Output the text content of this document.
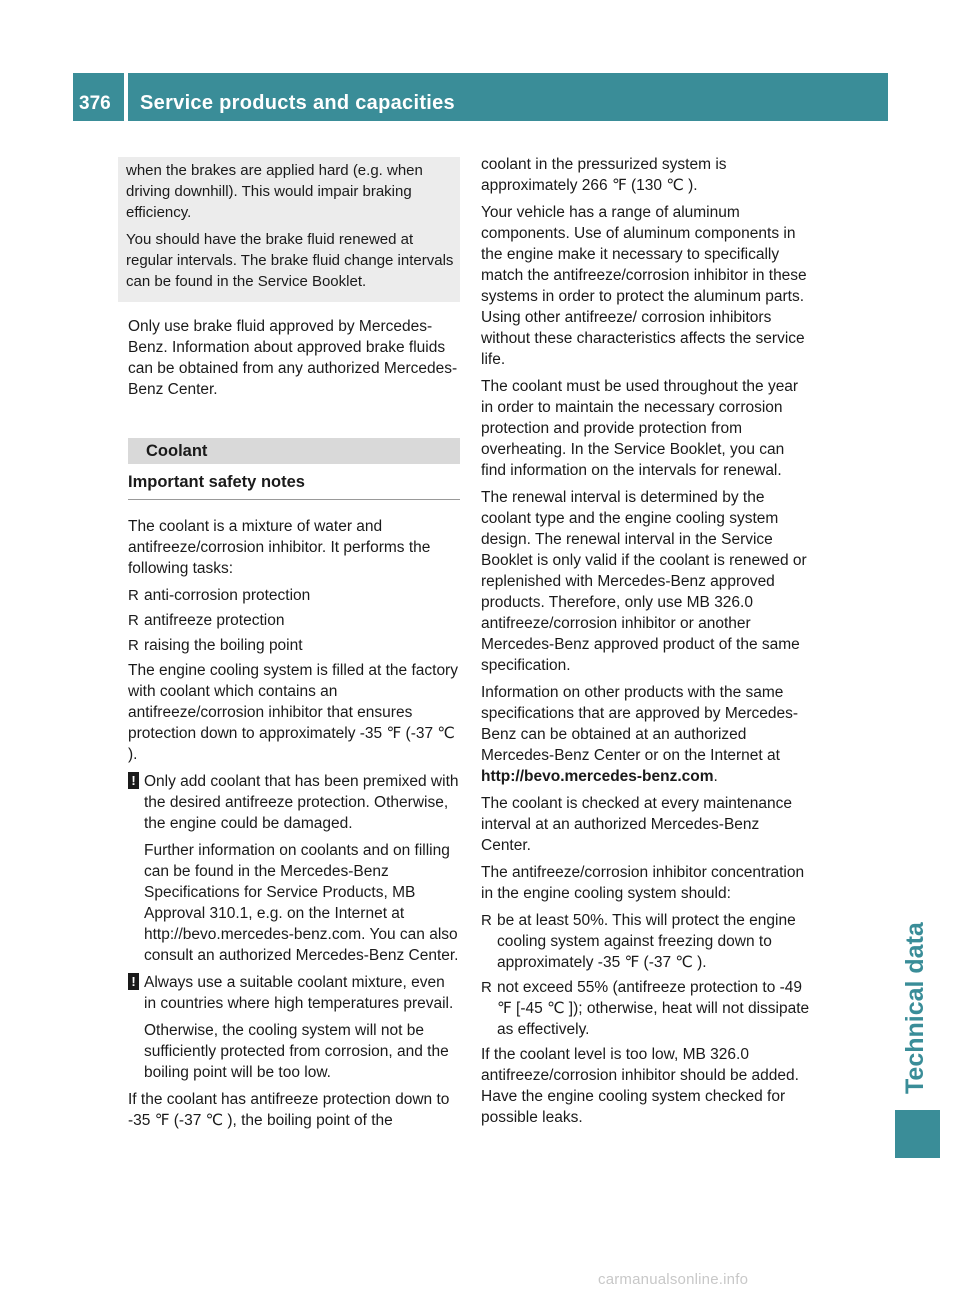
376 Service products and capacities
Technical data

when the brakes are applied hard (e.g. when driving downhill). This would impair braking efficiency.

You should have the brake fluid renewed at regular intervals. The brake fluid change intervals can be found in the Service Booklet.

Only use brake fluid approved by Mercedes-Benz. Information about approved brake fluids can be obtained from any authorized Mercedes-Benz Center.

Coolant
Important safety notes

The coolant is a mixture of water and antifreeze/corrosion inhibitor. It performs the following tasks:

R anti-corrosion protection
R antifreeze protection
R raising the boiling point

The engine cooling system is filled at the factory with coolant which contains an antifreeze/corrosion inhibitor that ensures protection down to approximately -35 ℉ (-37 ℃ ).

! Only add coolant that has been premixed with the desired antifreeze protection. Otherwise, the engine could be damaged.

Further information on coolants and on filling can be found in the Mercedes-Benz Specifications for Service Products, MB Approval 310.1, e.g. on the Internet at http://bevo.mercedes-benz.com. You can also consult an authorized Mercedes-Benz Center.

! Always use a suitable coolant mixture, even in countries where high temperatures prevail.

Otherwise, the cooling system will not be sufficiently protected from corrosion, and the boiling point will be too low.

If the coolant has antifreeze protection down to -35 ℉ (-37 ℃ ), the boiling point of the

coolant in the pressurized system is approximately 266 ℉ (130 ℃ ).

Your vehicle has a range of aluminum components. Use of aluminum components in the engine make it necessary to specifically match the antifreeze/corrosion inhibitor in these systems in order to protect the aluminum parts. Using other antifreeze/ corrosion inhibitors without these characteristics affects the service life.

The coolant must be used throughout the year in order to maintain the necessary corrosion protection and provide protection from overheating. In the Service Booklet, you can find information on the intervals for renewal.

The renewal interval is determined by the coolant type and the engine cooling system design. The renewal interval in the Service Booklet is only valid if the coolant is renewed or replenished with Mercedes-Benz approved products. Therefore, only use MB 326.0 antifreeze/corrosion inhibitor or another Mercedes-Benz approved product of the same specification.

Information on other products with the same specifications that are approved by Mercedes-Benz can be obtained at an authorized Mercedes-Benz Center or on the Internet at
http://bevo.mercedes-benz.com.

The coolant is checked at every maintenance interval at an authorized Mercedes-Benz Center.

The antifreeze/corrosion inhibitor concentration in the engine cooling system should:

R be at least 50%. This will protect the engine cooling system against freezing down to approximately -35 ℉ (-37 ℃ ).
R not exceed 55% (antifreeze protection to -49 ℉ [-45 ℃ ]); otherwise, heat will not dissipate as effectively.

If the coolant level is too low, MB 326.0 antifreeze/corrosion inhibitor should be added. Have the engine cooling system checked for possible leaks.

carmanualsonline.info
